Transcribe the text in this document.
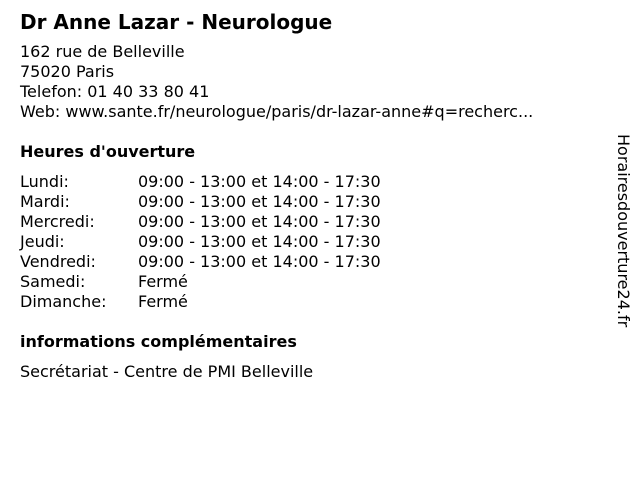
Dr Anne Lazar - Neurologue
162 rue de Belleville
75020 Paris
Telefon: 01 40 33 80 41
Web: www.sante.fr/neurologue/paris/dr-lazar-anne#q=recherc...
Heures d'ouverture
Lundi:	09:00 - 13:00 et 14:00 - 17:30
Mardi:	09:00 - 13:00 et 14:00 - 17:30
Mercredi:	09:00 - 13:00 et 14:00 - 17:30
Jeudi:	09:00 - 13:00 et 14:00 - 17:30
Vendredi:	09:00 - 13:00 et 14:00 - 17:30
Samedi:	Fermé
Dimanche:	Fermé
informations complémentaires
Secrétariat - Centre de PMI Belleville
Horairesdouverture24.fr
